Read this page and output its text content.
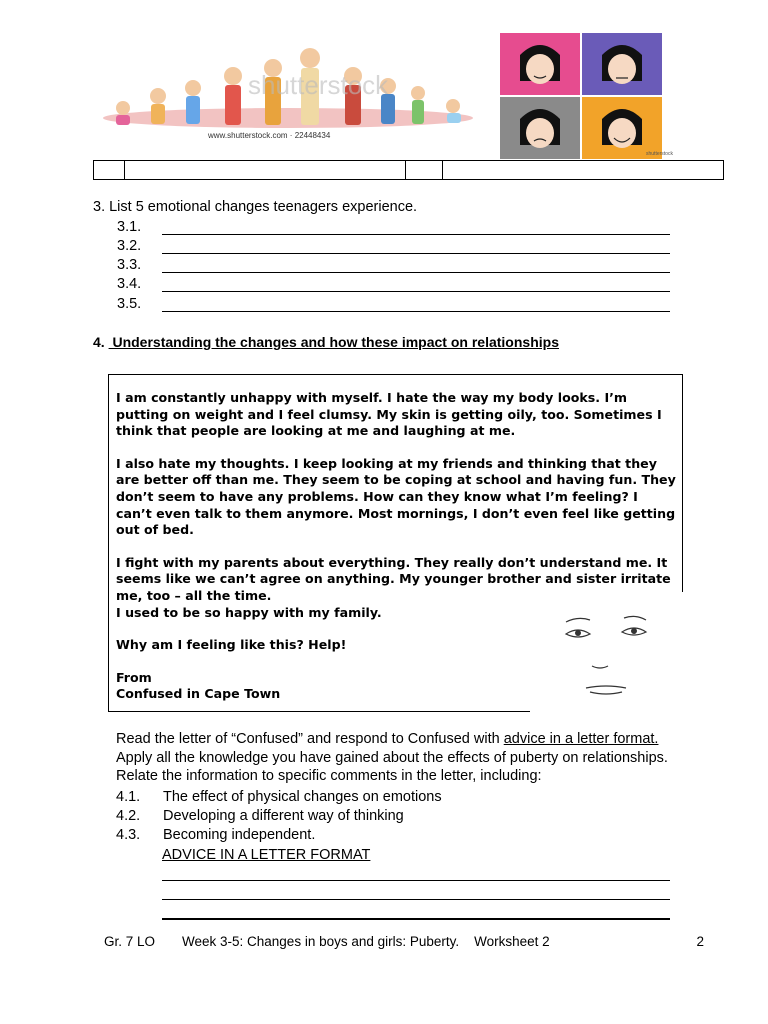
shutterstock
www.shutterstock.com · 22448434
shutterstock
3. List 5 emotional changes teenagers experience.
3.1.
3.2.
3.3.
3.4.
3.5.
4.  Understanding the changes and how these impact on relationships

I am constantly unhappy with myself. I hate the way my body looks. I’m putting on weight and I feel clumsy. My skin is getting oily, too. Sometimes I think that people are looking at me and laughing at me.

I also hate my thoughts. I keep looking at my friends and thinking that they are better off than me. They seem to be coping at school and having fun. They don’t seem to have any problems. How can they know what I’m feeling? I can’t even talk to them anymore. Most mornings, I don’t even feel like getting out of bed.

I fight with my parents about everything. They really don’t understand me. It seems like we can’t agree on anything. My younger brother and sister irritate me, too – all the time.

I used to be so happy with my family.

Why am I feeling like this? Help!

From

Confused in Cape Town

Read the letter of “Confused” and respond to Confused with advice in a letter format. Apply all the knowledge you have gained about the effects of puberty on relationships. Relate the information to specific comments in the letter, including:
4.1. The effect of physical changes on emotions
4.2. Developing a different way of thinking
4.3. Becoming independent.
ADVICE IN A LETTER FORMAT
Gr. 7 LO	Week 3-5: Changes in boys and girls: Puberty.    Worksheet 2	2
